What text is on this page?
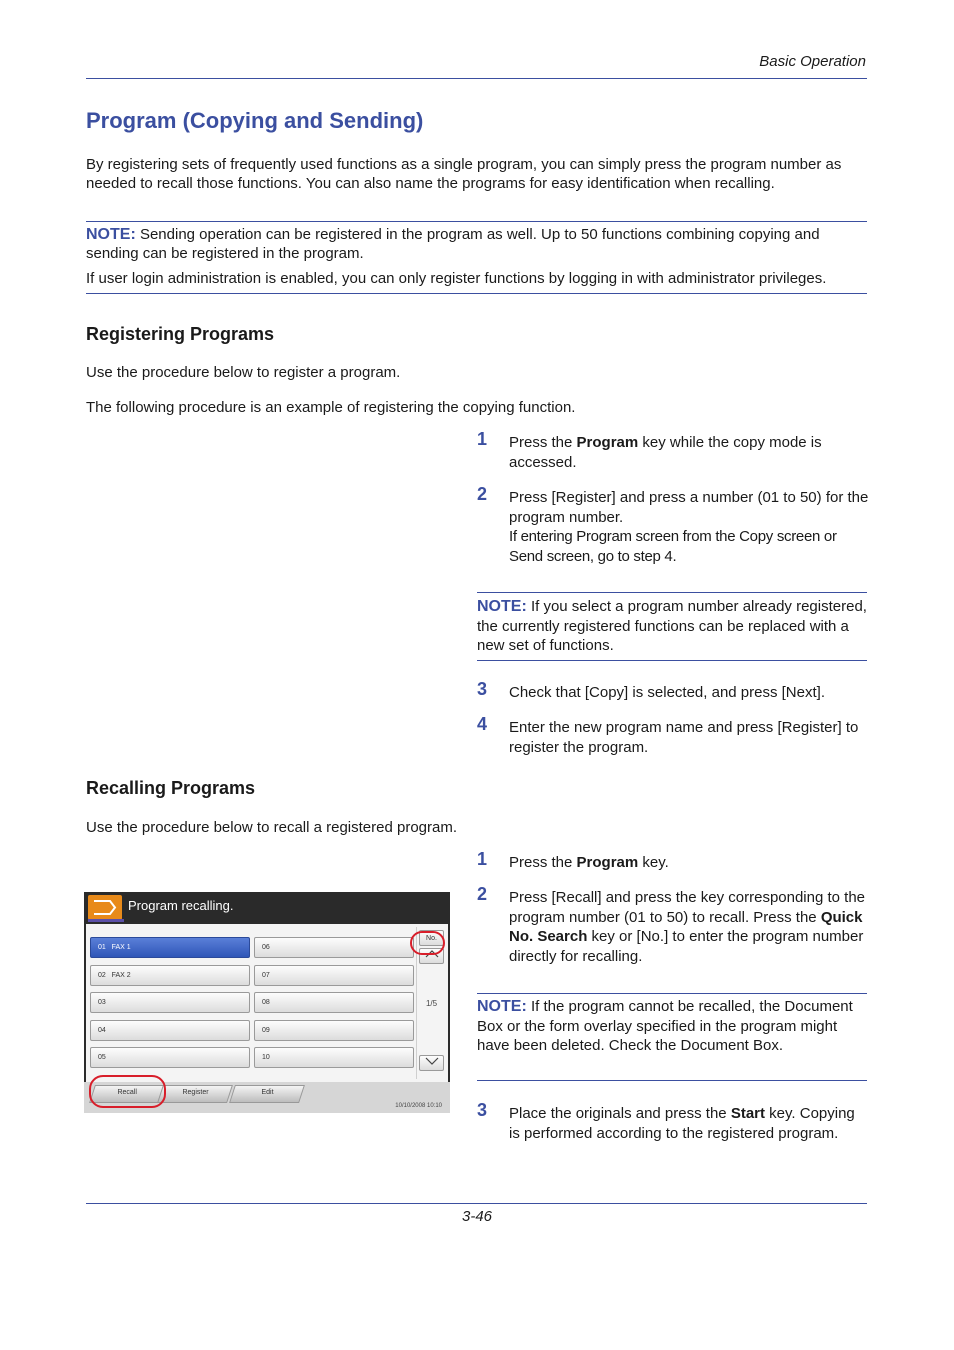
Basic Operation
Program (Copying and Sending)

By registering sets of frequently used functions as a single program, you can simply press the program number as needed to recall those functions. You can also name the programs for easy identification when recalling.

NOTE: Sending operation can be registered in the program as well. Up to 50 functions combining copying and sending can be registered in the program.
If user login administration is enabled, you can only register functions by logging in with administrator privileges.
Registering Programs
Use the procedure below to register a program.
The following procedure is an example of registering the copying function.
1 Press the Program key while the copy mode is accessed.
2 Press [Register] and press a number (01 to 50) for the program number.
If entering Program screen from the Copy screen or Send screen, go to step 4.
NOTE: If you select a program number already registered, the currently registered functions can be replaced with a new set of functions.
3 Check that [Copy] is selected, and press [Next].
4 Enter the new program name and press [Register] to register the program.
Recalling Programs
Use the procedure below to recall a registered program.
1 Press the Program key.
2 Press [Recall] and press the key corresponding to the program number (01 to 50) to recall. Press the Quick No. Search key or [No.] to enter the program number directly for recalling.
NOTE: If the program cannot be recalled, the Document Box or the form overlay specified in the program might have been deleted. Check the Document Box.
3 Place the originals and press the Start key. Copying is performed according to the registered program.
Program recalling.
01   FAX 1
02   FAX 2
03
04
05
06
07
08
09
10
No.
1/5
Recall	Register	Edit
10/10/2008 10:10
3-46
